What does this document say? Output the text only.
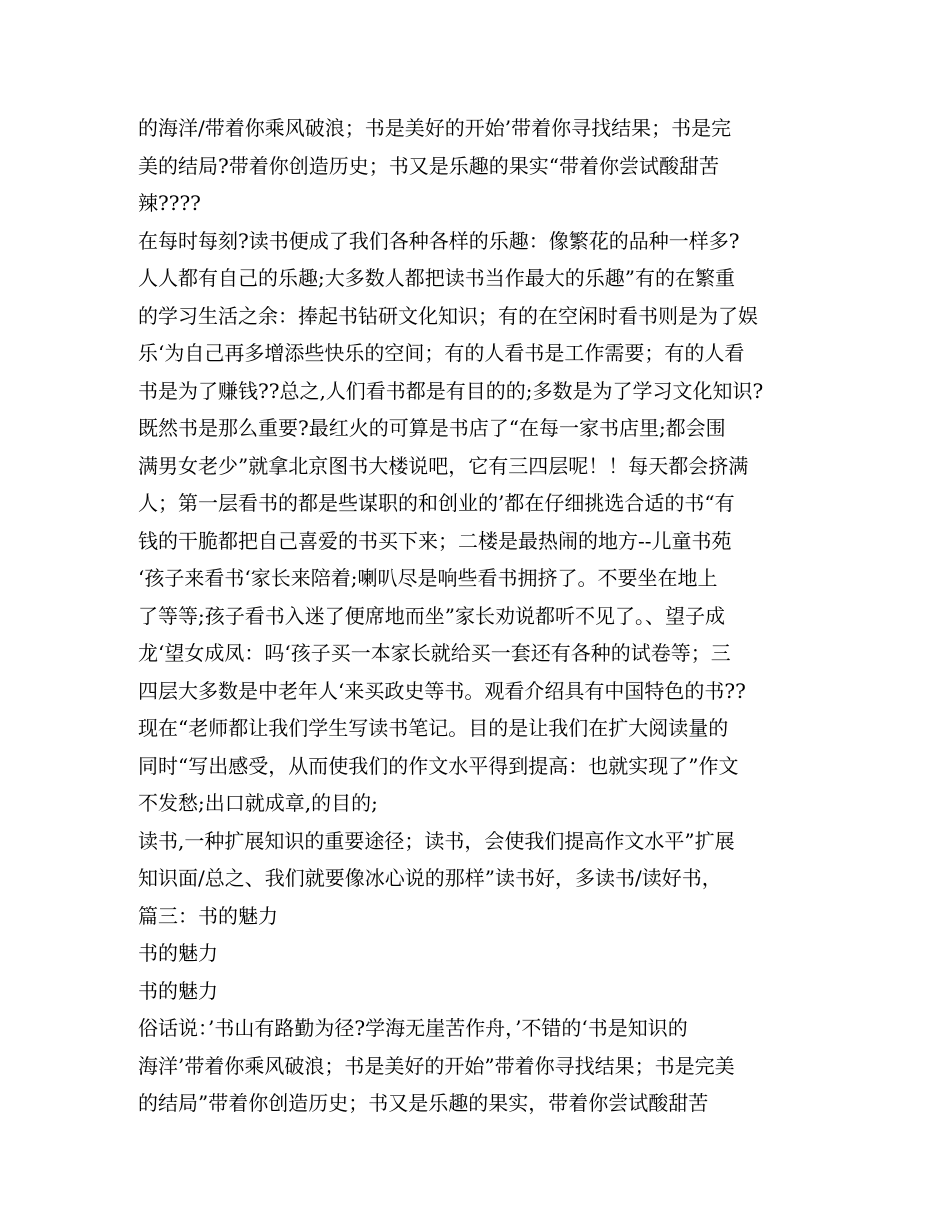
的海洋/带着你乘风破浪；书是美好的开始’带着你寻找结果；书是完
美的结局?带着你创造历史；书又是乐趣的果实“带着你尝试酸甜苦
辣????
在每时每刻?读书便成了我们各种各样的乐趣：像繁花的品种一样多?
人人都有自己的乐趣;大多数人都把读书当作最大的乐趣”有的在繁重
的学习生活之余：捧起书钻研文化知识；有的在空闲时看书则是为了娱
乐‘为自己再多增添些快乐的空间；有的人看书是工作需要；有的人看
书是为了赚钱??总之,人们看书都是有目的的;多数是为了学习文化知识?
既然书是那么重要?最红火的可算是书店了“在每一家书店里;都会围
满男女老少”就拿北京图书大楼说吧，它有三四层呢！！每天都会挤满
人；第一层看书的都是些谋职的和创业的’都在仔细挑选合适的书“有
钱的干脆都把自己喜爱的书买下来；二楼是最热闹的地方--儿童书苑
‘孩子来看书‘家长来陪着;喇叭尽是响些看书拥挤了。不要坐在地上
了等等;孩子看书入迷了便席地而坐”家长劝说都听不见了。、望子成
龙‘望女成凤：吗‘孩子买一本家长就给买一套还有各种的试卷等；三
四层大多数是中老年人‘来买政史等书。观看介绍具有中国特色的书??
现在“老师都让我们学生写读书笔记。目的是让我们在扩大阅读量的
同时“写出感受，从而使我们的作文水平得到提高：也就实现了”作文
不发愁;出口就成章,的目的;
读书,一种扩展知识的重要途径；读书，会使我们提高作文水平”扩展
知识面/总之、我们就要像冰心说的那样”读书好，多读书/读好书，
篇三：书的魅力
书的魅力
书的魅力
俗话说：’书山有路勤为径?学海无崖苦作舟，’不错的‘书是知识的
海洋’带着你乘风破浪；书是美好的开始”带着你寻找结果；书是完美
的结局”带着你创造历史；书又是乐趣的果实，带着你尝试酸甜苦
